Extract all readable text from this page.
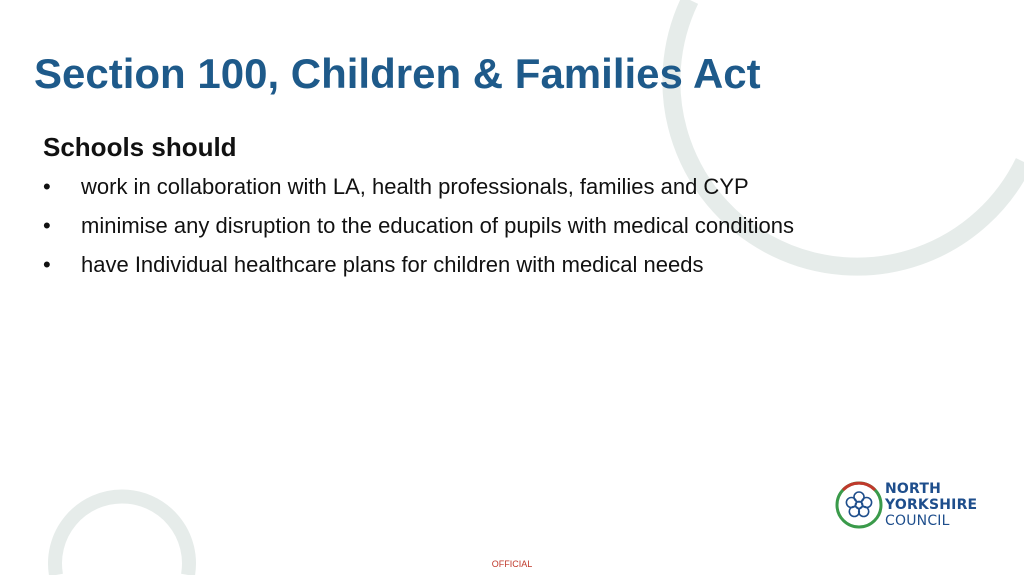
Section 100, Children & Families Act
Schools should
• work in collaboration with LA, health professionals, families and CYP
• minimise any disruption to the education of pupils with medical conditions
• have Individual healthcare plans for children with medical needs
NORTH
YORKSHIRE
COUNCIL
OFFICIAL
